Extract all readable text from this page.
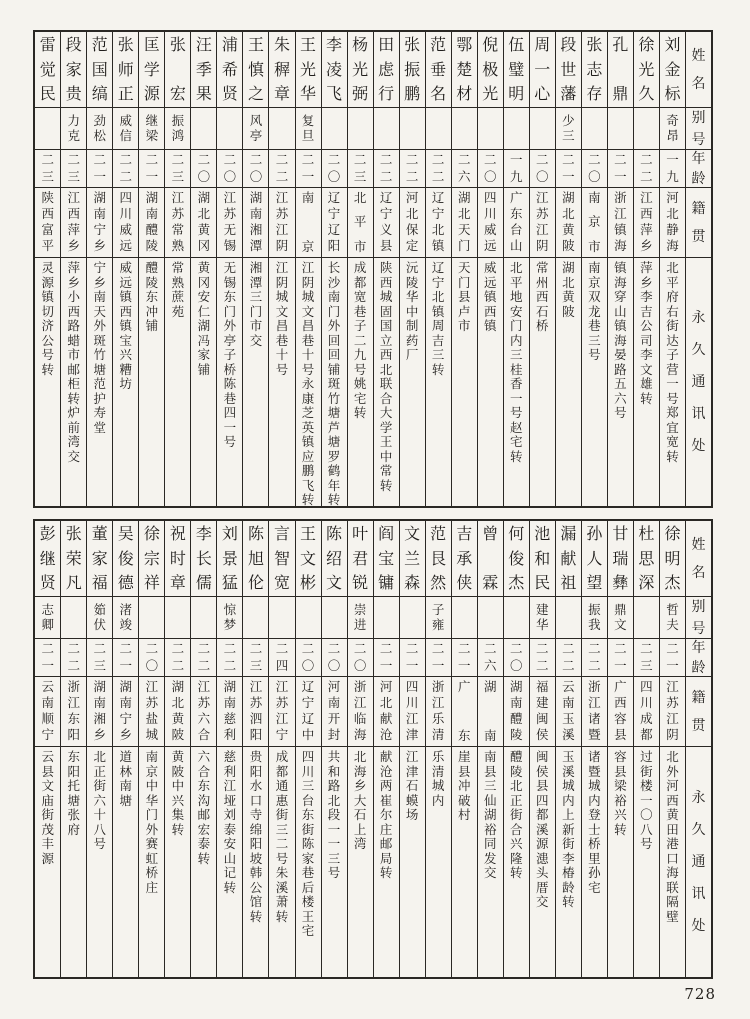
姓
名
别
号
年
龄
籍
贯
永
久
通
讯
处
刘
金
标
奇
昂
一
九
河
北
静
海
北
平
府
右
街
达
子
营
一
号
郑
宜
宽
转
徐
光
久
二
二
江
西
萍
乡
萍
乡
李
吉
公
司
李
文
雄
转
孔
鼎
二
一
浙
江
镇
海
镇
海
穿
山
镇
海
晏
路
五
六
号
张
志
存
二
〇
南
京
市
南
京
双
龙
巷
三
号
段
世
藩
少
三
二
一
湖
北
黄
陂
湖
北
黄
陂
周
一
心
二
〇
江
苏
江
阴
常
州
西
石
桥
伍
璧
明
一
九
广
东
台
山
北
平
地
安
门
内
三
桂
香
一
号
赵
宅
转
倪
极
光
二
〇
四
川
威
远
威
远
镇
西
镇
鄂
楚
材
二
六
湖
北
天
门
天
门
县
卢
市
范
垂
名
二
二
辽
宁
北
镇
辽
宁
北
镇
周
吉
三
转
张
振
鹏
二
二
河
北
保
定
沅
陵
华
中
制
药
厂
田
虑
行
二
二
辽
宁
义
县
陕
西
城
固
国
立
西
北
联
合
大
学
王
中
常
转
杨
光
弼
二
三
北
平
市
成
都
宽
巷
子
二
九
号
姚
宅
转
李
凌
飞
二
〇
辽
宁
辽
阳
长
沙
南
门
外
回
回
铺
斑
竹
塘
芦
塘
罗
鹤
年
转
王
光
华
复
旦
二
一
南
京
江
阴
城
文
昌
巷
十
号
永
康
芝
英
镇
应
鹏
飞
转
朱
稺
章
二
二
江
苏
江
阴
江
阴
城
文
昌
巷
十
号
王
慎
之
风
亭
二
〇
湖
南
湘
潭
湘
潭
三
门
市
交
浦
希
贤
二
〇
江
苏
无
锡
无
锡
东
门
外
亭
子
桥
陈
巷
四
一
号
汪
季
果
二
〇
湖
北
黄
冈
黄
冈
安
仁
湖
冯
家
铺
张
宏
振
鸿
二
三
江
苏
常
熟
常
熟
蔗
苑
匡
学
源
继
梁
二
一
湖
南
醴
陵
醴
陵
东
冲
铺
张
师
正
威
信
二
二
四
川
威
远
威
远
镇
西
镇
宝
兴
糟
坊
范
国
缟
劲
松
二
一
湖
南
宁
乡
宁
乡
南
天
外
斑
竹
塘
范
护
寿
堂
段
家
贵
力
克
二
三
江
西
萍
乡
萍
乡
小
西
路
蜡
市
邮
柜
转
炉
前
湾
交
雷
觉
民
二
三
陕
西
富
平
灵
源
镇
切
济
公
号
转
姓
名
别
号
年
龄
籍
贯
永
久
通
讯
处
徐
明
杰
哲
夫
二
一
江
苏
江
阴
北
外
河
西
黄
田
港
口
海
联
隔
壁
杜
思
深
二
三
四
川
成
都
过
街
楼
一
〇
八
号
甘
瑞
彝
鼎
文
二
一
广
西
容
县
容
县
梁
裕
兴
转
孙
人
望
振
我
二
二
浙
江
诸
暨
诸
暨
城
内
登
士
桥
里
孙
宅
漏
献
祖
二
二
云
南
玉
溪
玉
溪
城
内
上
新
街
李
椿
龄
转
池
和
民
建
华
二
二
福
建
闽
侯
闽
侯
县
四
都
溪
源
漶
头
厝
交
何
俊
杰
二
〇
湖
南
醴
陵
醴
陵
北
正
街
合
兴
隆
转
曾
霖
二
六
湖
南
南
县
三
仙
湖
裕
同
发
交
吉
承
侠
二
一
广
东
崖
县
冲
破
村
范
艮
然
子
雍
二
一
浙
江
乐
清
乐
清
城
内
文
兰
森
二
一
四
川
江
津
江
津
石
蟆
场
阎
宝
镛
二
一
河
北
献
沧
献
沧
两
崔
尔
庄
邮
局
转
叶
君
锐
崇
进
二
〇
浙
江
临
海
北
海
乡
大
石
上
湾
陈
绍
文
二
〇
河
南
开
封
共
和
路
北
段
一
一
三
号
王
文
彬
二
〇
辽
宁
辽
中
四
川
三
台
东
街
陈
家
巷
后
楼
王
宅
言
智
宽
二
四
江
苏
江
宁
成
都
通
惠
街
三
二
号
朱
溪
萧
转
陈
旭
伦
二
三
江
苏
泗
阳
贵
阳
水
口
寺
绵
阳
坡
韩
公
馆
转
刘
景
猛
惊
梦
二
二
湖
南
慈
利
慈
利
江
垭
刘
泰
安
山
记
转
李
长
儒
二
二
江
苏
六
合
六
合
东
沟
邮
宏
泰
转
祝
时
章
二
二
湖
北
黄
陂
黄
陂
中
兴
集
转
徐
宗
祥
二
〇
江
苏
盐
城
南
京
中
华
门
外
赛
虹
桥
庄
吴
俊
德
渚
竣
二
一
湖
南
宁
乡
道
林
南
塘
董
家
福
筎
伏
二
三
湖
南
湘
乡
北
正
街
六
十
八
号
张
荣
凡
二
二
浙
江
东
阳
东
阳
托
塘
张
府
彭
继
贤
志
卿
二
一
云
南
顺
宁
云
县
文
庙
街
茂
丰
源
728
